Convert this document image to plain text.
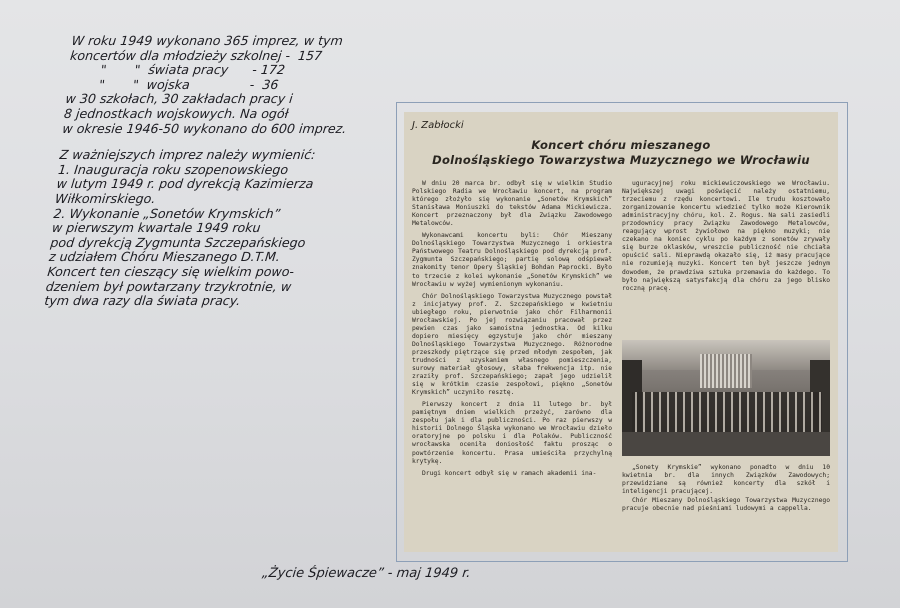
W roku 1949 wykonano 365 imprez, w tym
koncertów dla młodzieży szkolnej -  157
"       "  świata pracy      - 172
"       "  wojska               -  36
w 30 szkołach, 30 zakładach pracy i
8 jednostkach wojskowych. Na ogół
w okresie 1946-50 wykonano do 600 imprez.
Z ważniejszych imprez należy wymienić:
1. Inauguracja roku szopenowskiego
w lutym 1949 r. pod dyrekcją Kazimierza
Wiłkomirskiego.
2. Wykonanie „Sonetów Krymskich”
w pierwszym kwartale 1949 roku
pod dyrekcją Zygmunta Szczepańskiego
z udziałem Chóru Mieszanego D.T.M.
Koncert ten cieszący się wielkim powo-
dzeniem był powtarzany trzykrotnie, w
tym dwa razy dla świata pracy.
J. Zabłocki
Koncert chóru mieszanego
Dolnośląskiego Towarzystwa Muzycznego we Wrocławiu

W dniu 20 marca br. odbył się w wielkim Studio Polskiego Radia we Wrocławiu koncert, na program którego złożyło się wykonanie „Sonetów Krymskich” Stanisława Moniuszki do tekstów Adama Mickiewicza. Koncert przeznaczony był dla Związku Zawodowego Metalowców.

Wykonawcami koncertu byli: Chór Mieszany Dolnośląskiego Towarzystwa Muzycznego i orkiestra Państwowego Teatru Dolnośląskiego pod dyrekcją prof. Zygmunta Szczepańskiego; partię solową odśpiewał znakomity tenor Opery Śląskiej Bohdan Paprocki. Było to trzecie z kolei wykonanie „Sonetów Krymskich” we Wrocławiu w wyżej wymienionym wykonaniu.

Chór Dolnośląskiego Towarzystwa Muzycznego powstał z inicjatywy prof. Z. Szczepańskiego w kwietniu ubiegłego roku, pierwotnie jako chór Filharmonii Wrocławskiej. Po jej rozwiązaniu pracował przez pewien czas jako samoistna jednostka. Od kilku dopiero miesięcy egzystuje jako chór mieszany Dolnośląskiego Towarzystwa Muzycznego. Różnorodne przeszkody piętrzące się przed młodym zespołem, jak trudności z uzyskaniem własnego pomieszczenia, surowy materiał głosowy, słaba frekwencja itp. nie zraziły prof. Szczepańskiego; zapał jego udzielił się w krótkim czasie zespołowi, piękno „Sonetów Krymskich” uczyniło resztę.

Pierwszy koncert z dnia 11 lutego br. był pamiętnym dniem wielkich przeżyć, zarówno dla zespołu jak i dla publiczności. Po raz pierwszy w historii Dolnego Śląska wykonano we Wrocławiu dzieło oratoryjne po polsku i dla Polaków. Publiczność wrocławska oceniła doniosłość faktu prosząc o powtórzenie koncertu. Prasa umieściła przychylną krytykę.

Drugi koncert odbył się w ramach akademii ina-

uguracyjnej roku mickiewiczowskiego we Wrocławiu. Największej uwagi poświęcić należy ostatniemu, trzeciemu z rzędu koncertowi. Ile trudu kosztowało zorganizowanie koncertu wiedzieć tylko może Kierownik administracyjny chóru, kol. Z. Rogus. Na sali zasiedli przodownicy pracy Związku Zawodowego Metalowców, reagujący wprost żywiołowo na piękno muzyki; nie czekano na koniec cyklu po każdym z sonetów zrywały się burze oklasków, wreszcie publiczność nie chciała opuścić sali. Nieprawdą okazało się, iż masy pracujące nie rozumieją muzyki. Koncert ten był jeszcze jednym dowodem, że prawdziwa sztuka przemawia do każdego. To było największą satysfakcją dla chóru za jego blisko roczną pracę.

„Sonety Krymskie” wykonano ponadto w dniu 10 kwietnia br. dla innych Związków Zawodowych; przewidziane są również koncerty dla szkół i inteligencji pracującej.

Chór Mieszany Dolnośląskiego Towarzystwa Muzycznego pracuje obecnie nad pieśniami ludowymi a cappella.

„Życie Śpiewacze” - maj 1949 r.
